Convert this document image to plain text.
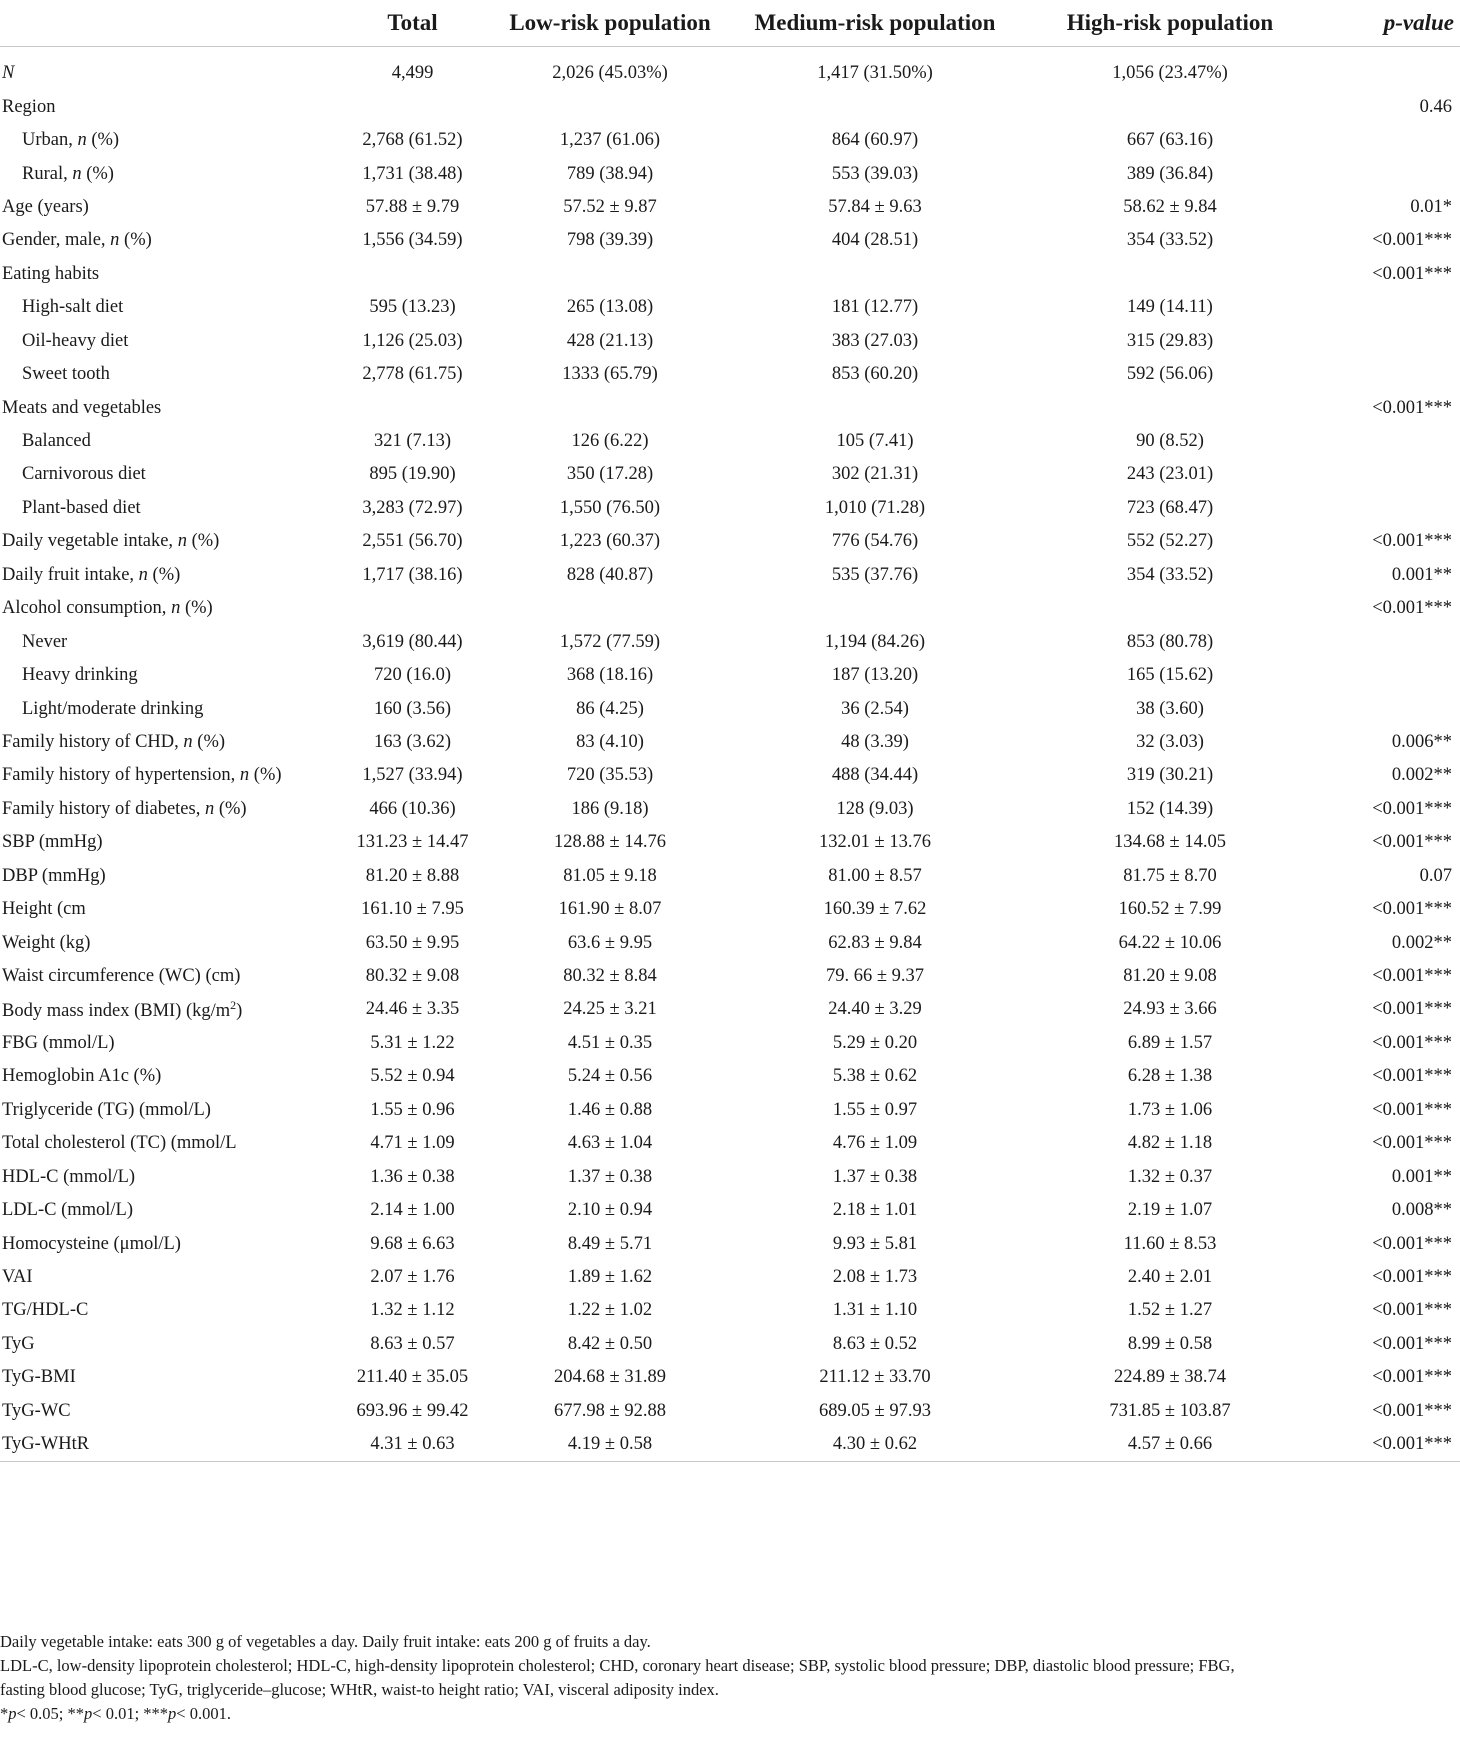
	Total	Low-risk population	Medium-risk population	High-risk population	p-value

N	4,499	2,026 (45.03%)	1,417 (31.50%)	1,056 (23.47%)	
Region					0.46
Urban, n (%)	2,768 (61.52)	1,237 (61.06)	864 (60.97)	667 (63.16)	
Rural, n (%)	1,731 (38.48)	789 (38.94)	553 (39.03)	389 (36.84)	
Age (years)	57.88 ± 9.79	57.52 ± 9.87	57.84 ± 9.63	58.62 ± 9.84	0.01*
Gender, male, n (%)	1,556 (34.59)	798 (39.39)	404 (28.51)	354 (33.52)	<0.001***
Eating habits					<0.001***
High-salt diet	595 (13.23)	265 (13.08)	181 (12.77)	149 (14.11)	
Oil-heavy diet	1,126 (25.03)	428 (21.13)	383 (27.03)	315 (29.83)	
Sweet tooth	2,778 (61.75)	1333 (65.79)	853 (60.20)	592 (56.06)	
Meats and vegetables					<0.001***
Balanced	321 (7.13)	126 (6.22)	105 (7.41)	90 (8.52)	
Carnivorous diet	895 (19.90)	350 (17.28)	302 (21.31)	243 (23.01)	
Plant-based diet	3,283 (72.97)	1,550 (76.50)	1,010 (71.28)	723 (68.47)	
Daily vegetable intake, n (%)	2,551 (56.70)	1,223 (60.37)	776 (54.76)	552 (52.27)	<0.001***
Daily fruit intake, n (%)	1,717 (38.16)	828 (40.87)	535 (37.76)	354 (33.52)	0.001**
Alcohol consumption, n (%)					<0.001***
Never	3,619 (80.44)	1,572 (77.59)	1,194 (84.26)	853 (80.78)	
Heavy drinking	720 (16.0)	368 (18.16)	187 (13.20)	165 (15.62)	
Light/moderate drinking	160 (3.56)	86 (4.25)	36 (2.54)	38 (3.60)	
Family history of CHD, n (%)	163 (3.62)	83 (4.10)	48 (3.39)	32 (3.03)	0.006**
Family history of hypertension, n (%)	1,527 (33.94)	720 (35.53)	488 (34.44)	319 (30.21)	0.002**
Family history of diabetes, n (%)	466 (10.36)	186 (9.18)	128 (9.03)	152 (14.39)	<0.001***
SBP (mmHg)	131.23 ± 14.47	128.88 ± 14.76	132.01 ± 13.76	134.68 ± 14.05	<0.001***
DBP (mmHg)	81.20 ± 8.88	81.05 ± 9.18	81.00 ± 8.57	81.75 ± 8.70	0.07
Height (cm	161.10 ± 7.95	161.90 ± 8.07	160.39 ± 7.62	160.52 ± 7.99	<0.001***
Weight (kg)	63.50 ± 9.95	63.6 ± 9.95	62.83 ± 9.84	64.22 ± 10.06	0.002**
Waist circumference (WC) (cm)	80.32 ± 9.08	80.32 ± 8.84	79. 66 ± 9.37	81.20 ± 9.08	<0.001***
Body mass index (BMI) $(kg/m^2)$	24.46 ± 3.35	24.25 ± 3.21	24.40 ± 3.29	24.93 ± 3.66	<0.001***
FBG (mmol/L)	5.31 ± 1.22	4.51 ± 0.35	5.29 ± 0.20	6.89 ± 1.57	<0.001***
Hemoglobin A1c (%)	5.52 ± 0.94	5.24 ± 0.56	5.38 ± 0.62	6.28 ± 1.38	<0.001***
Triglyceride (TG) (mmol/L)	1.55 ± 0.96	1.46 ± 0.88	1.55 ± 0.97	1.73 ± 1.06	<0.001***
Total cholesterol (TC) (mmol/L	4.71 ± 1.09	4.63 ± 1.04	4.76 ± 1.09	4.82 ± 1.18	<0.001***
HDL-C (mmol/L)	1.36 ± 0.38	1.37 ± 0.38	1.37 ± 0.38	1.32 ± 0.37	0.001**
LDL-C (mmol/L)	2.14 ± 1.00	2.10 ± 0.94	2.18 ± 1.01	2.19 ± 1.07	0.008**
Homocysteine (μmol/L)	9.68 ± 6.63	8.49 ± 5.71	9.93 ± 5.81	11.60 ± 8.53	<0.001***
VAI	2.07 ± 1.76	1.89 ± 1.62	2.08 ± 1.73	2.40 ± 2.01	<0.001***
TG/HDL-C	1.32 ± 1.12	1.22 ± 1.02	1.31 ± 1.10	1.52 ± 1.27	<0.001***
TyG	8.63 ± 0.57	8.42 ± 0.50	8.63 ± 0.52	8.99 ± 0.58	<0.001***
TyG-BMI	211.40 ± 35.05	204.68 ± 31.89	211.12 ± 33.70	224.89 ± 38.74	<0.001***
TyG-WC	693.96 ± 99.42	677.98 ± 92.88	689.05 ± 97.93	731.85 ± 103.87	<0.001***
TyG-WHtR	4.31 ± 0.63	4.19 ± 0.58	4.30 ± 0.62	4.57 ± 0.66	<0.001***
Daily vegetable intake: eats 300 g of vegetables a day. Daily fruit intake: eats 200 g of fruits a day.
LDL-C, low-density lipoprotein cholesterol; HDL-C, high-density lipoprotein cholesterol; CHD, coronary heart disease; SBP, systolic blood pressure; DBP, diastolic blood pressure; FBG,
fasting blood glucose; TyG, triglyceride–glucose; WHtR, waist-to height ratio; VAI, visceral adiposity index.
*p< 0.05; **p< 0.01; ***p< 0.001.
